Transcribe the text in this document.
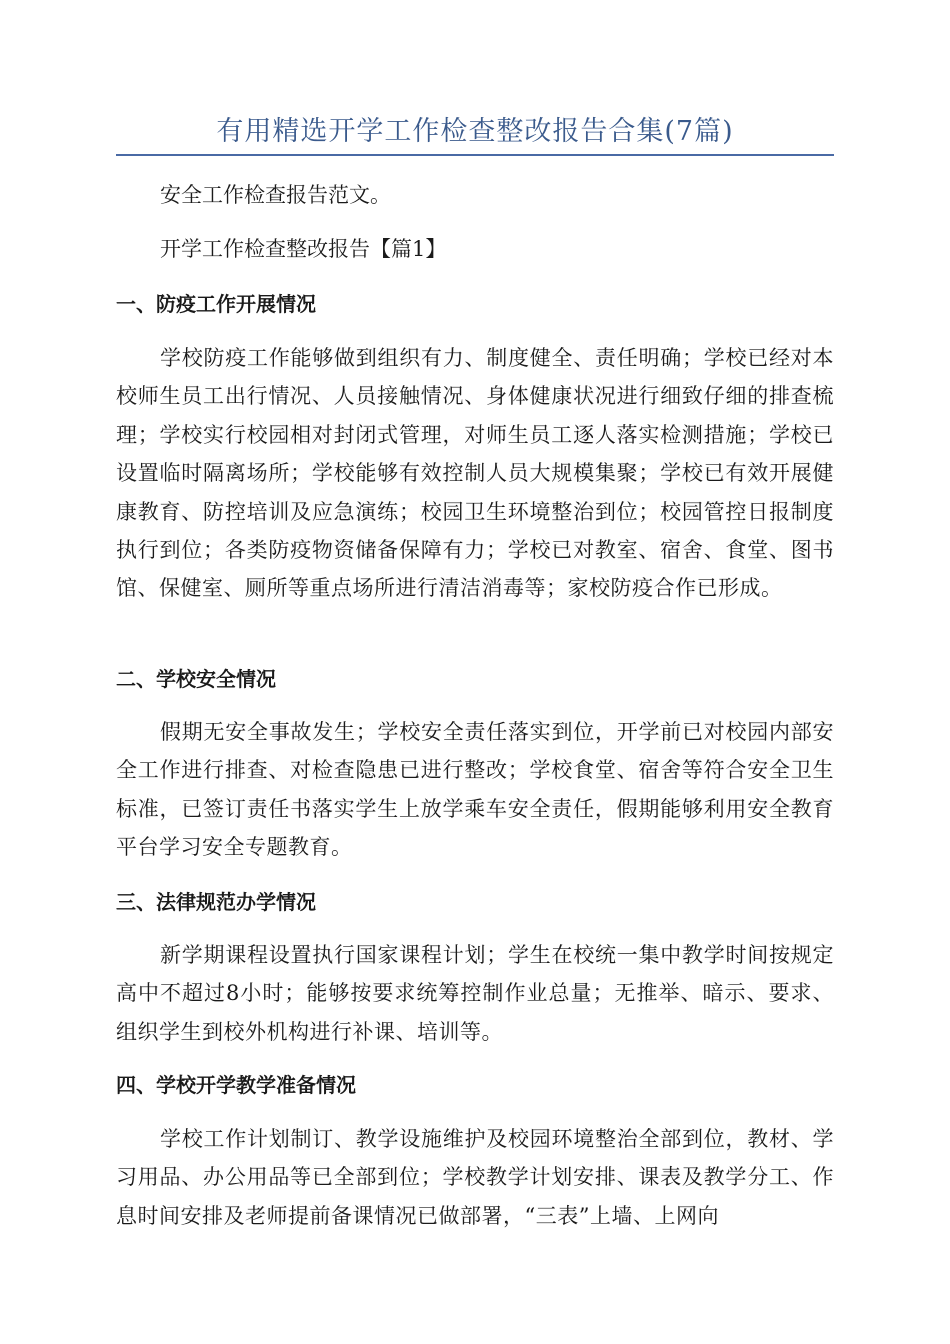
有用精选开学工作检查整改报告合集(7篇)

安全工作检查报告范文。

开学工作检查整改报告【篇1】

一、防疫工作开展情况

学校防疫工作能够做到组织有力、制度健全、责任明确；学校已经对本校师生员工出行情况、人员接触情况、身体健康状况进行细致仔细的排查梳理；学校实行校园相对封闭式管理，对师生员工逐人落实检测措施；学校已设置临时隔离场所；学校能够有效控制人员大规模集聚；学校已有效开展健康教育、防控培训及应急演练；校园卫生环境整治到位；校园管控日报制度执行到位；各类防疫物资储备保障有力；学校已对教室、宿舍、食堂、图书馆、保健室、厕所等重点场所进行清洁消毒等；家校防疫合作已形成。

二、学校安全情况

假期无安全事故发生；学校安全责任落实到位，开学前已对校园内部安全工作进行排查、对检查隐患已进行整改；学校食堂、宿舍等符合安全卫生标准，已签订责任书落实学生上放学乘车安全责任，假期能够利用安全教育平台学习安全专题教育。

三、法律规范办学情况

新学期课程设置执行国家课程计划；学生在校统一集中教学时间按规定高中不超过8小时；能够按要求统筹控制作业总量；无推举、暗示、要求、组织学生到校外机构进行补课、培训等。

四、学校开学教学准备情况

学校工作计划制订、教学设施维护及校园环境整治全部到位，教材、学习用品、办公用品等已全部到位；学校教学计划安排、课表及教学分工、作息时间安排及老师提前备课情况已做部署，“三表”上墙、上网向
